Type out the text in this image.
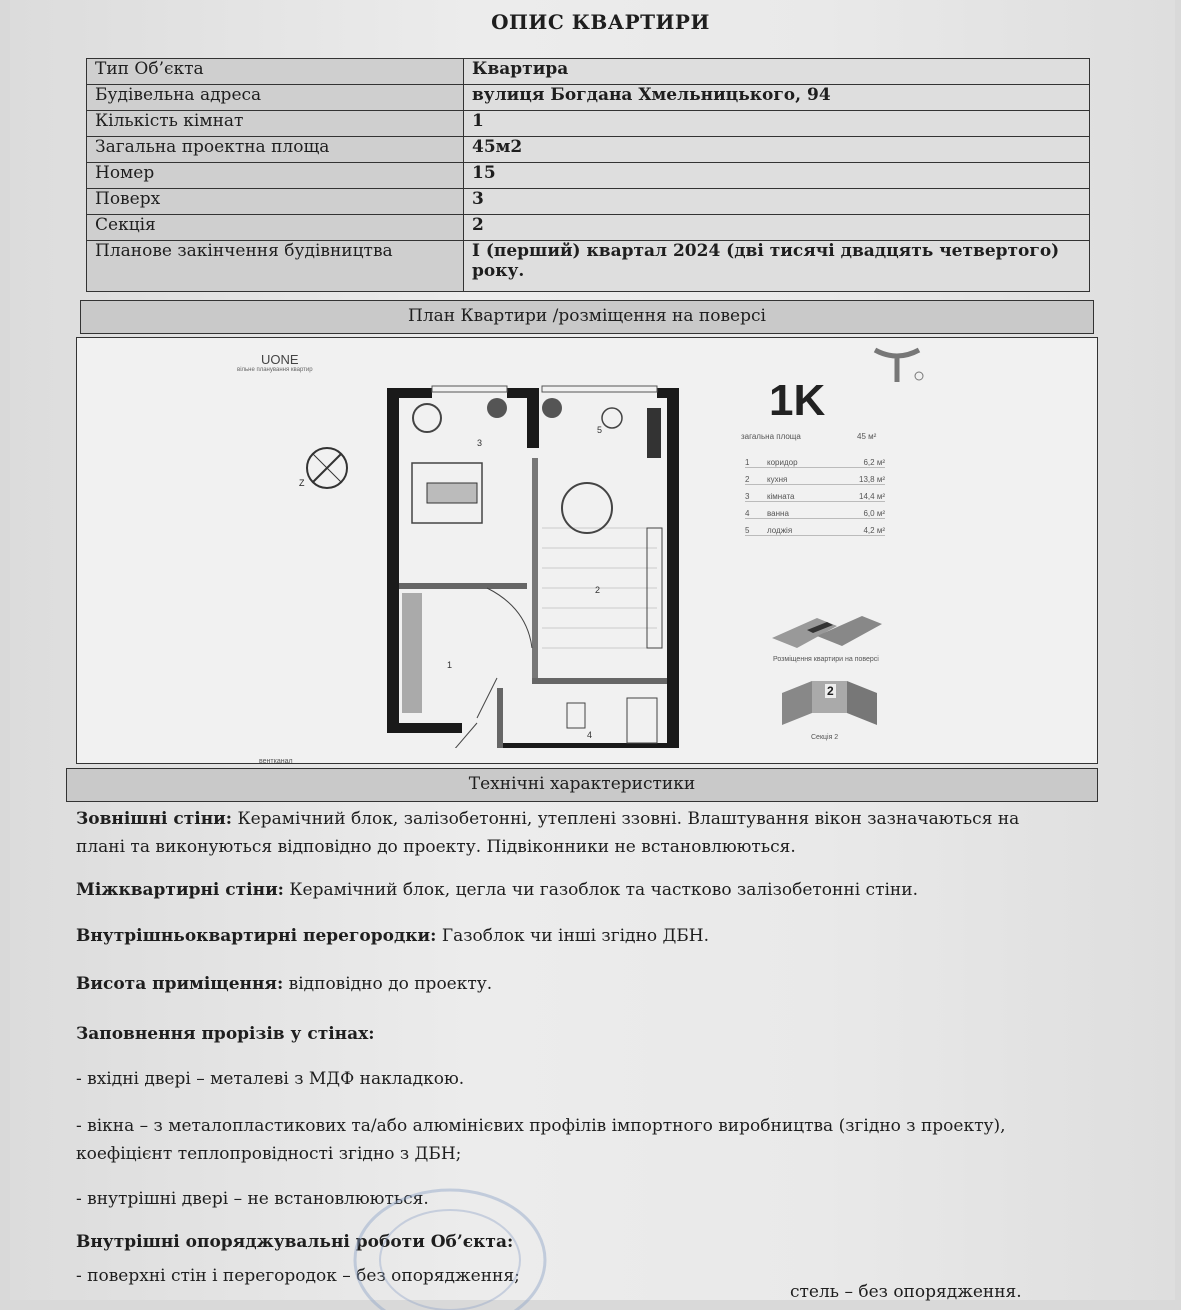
ОПИС КВАРТИРИ
Тип Об’єкта	Квартира
Будівельна адреса	вулиця Богдана Хмельницького, 94
Кількість кімнат	1
Загальна проектна площа	45м2
Номер	15
Поверх	3
Секція	2
Планове закінчення будівництва	I (перший) квартал 2024 (дві тисячі двадцять четвертого)
року.
План Квартири /розміщення на поверсі
UONE
вільне планування квартир
Z
3
5
2
1
4
1K
загальна площа	45 м²
1 коридор	6,2 м²
2 кухня	13,8 м²
3 кімната	14,4 м²
4 ванна	6,0 м²
5 лоджія	4,2 м²
Розміщення квартири на поверсі
2
Секція 2
вентканал
Технічні характеристики
Зовнішні стіни: Керамічний блок, залізобетонні, утеплені ззовні. Влаштування вікон зазначаються на
плані та виконуються відповідно до проекту. Підвіконники не встановлюються.
Міжквартирні стіни: Керамічний блок, цегла чи газоблок та частково залізобетонні стіни.
Внутрішньоквартирні перегородки: Газоблок чи інші згідно ДБН.
Висота приміщення: відповідно до проекту.
Заповнення прорізів у стінах:
- вхідні двері – металеві з МДФ накладкою.
- вікна – з металопластикових та/або алюмінієвих профілів імпортного виробництва (згідно з проекту),
коефіцієнт теплопровідності згідно з ДБН;
- внутрішні двері – не встановлюються.
Внутрішні опоряджувальні роботи Об’єкта:
- поверхні стін і перегородок – без опорядження;
стель – без опорядження.
